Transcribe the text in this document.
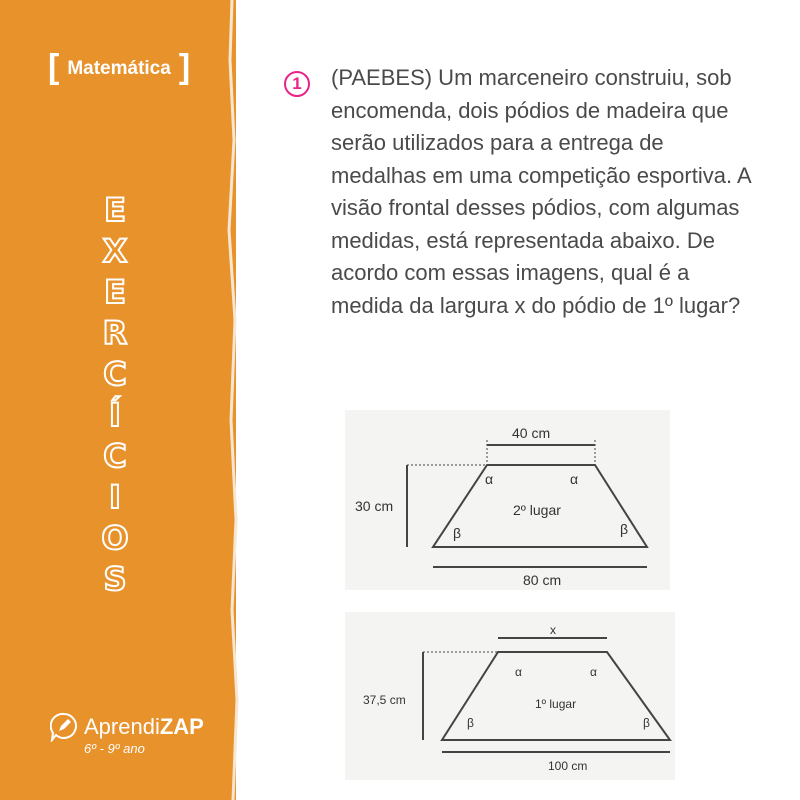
[ Matemática ]
E
X
E
R
C
Í
C
I
O
S
AprendiZAP
6º - 9º ano
1	(PAEBES) Um marceneiro construiu, sob encomenda, dois pódios de madeira que serão utilizados para a entrega de medalhas em uma competição esportiva. A visão frontal desses pódios, com algumas medidas, está representada abaixo. De acordo com essas imagens, qual é a medida da largura x do pódio de 1º lugar?
40 cm
30 cm
80 cm
2º lugar
α	α
β	β
x
37,5 cm
100 cm
1º lugar
α	α
β	β
